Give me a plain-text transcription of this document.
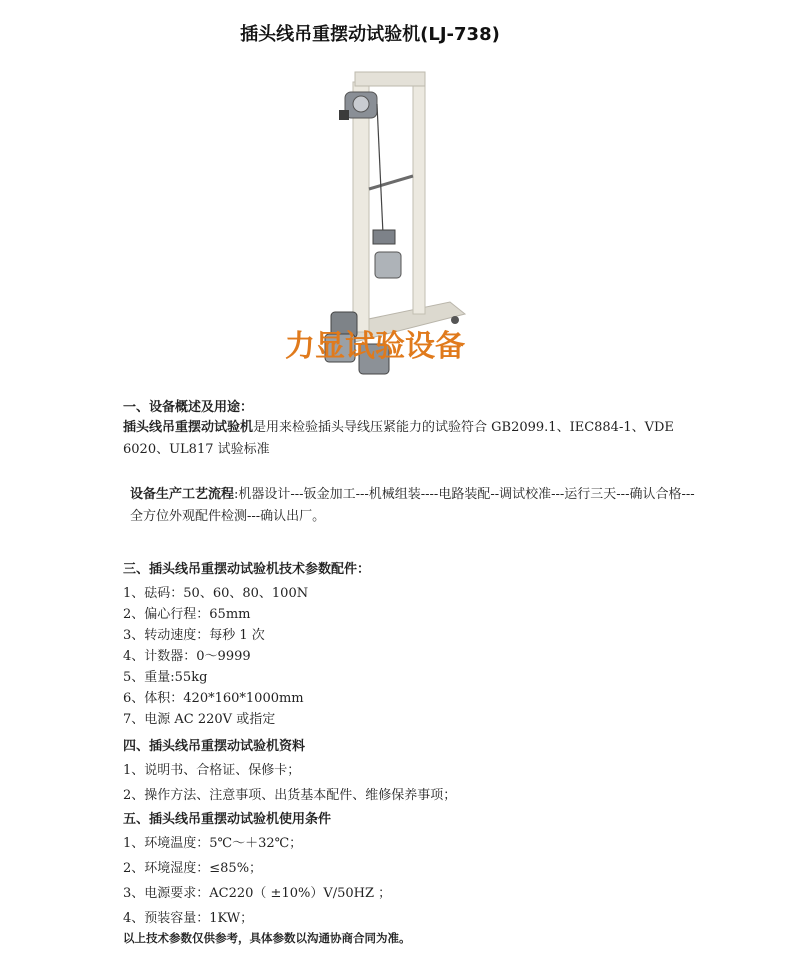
插头线吊重摆动试验机(LJ-738)
力显试验设备
一、设备概述及用途：
插头线吊重摆动试验机是用来检验插头导线压紧能力的试验符合 GB2099.1、IEC884-1、VDE 6020、UL817 试验标准
设备生产工艺流程:机器设计---钣金加工---机械组装----电路装配--调试校准---运行三天---确认合格---全方位外观配件检测---确认出厂。
三、插头线吊重摆动试验机技术参数配件：
1、砝码：50、60、80、100N
2、偏心行程：65mm
3、转动速度：每秒 1 次
4、计数器：0～9999
5、重量:55kg
6、体积：420*160*1000mm
7、电源 AC 220V 或指定
四、插头线吊重摆动试验机资料
1、说明书、合格证、保修卡；
2、操作方法、注意事项、出货基本配件、维修保养事项；
五、插头线吊重摆动试验机使用条件
1、环境温度：5℃～＋32℃；
2、环境湿度：≤85%；
3、电源要求：AC220（ ±10%）V/50HZ ；
4、预装容量：1KW；
以上技术参数仅供参考，具体参数以沟通协商合同为准。
